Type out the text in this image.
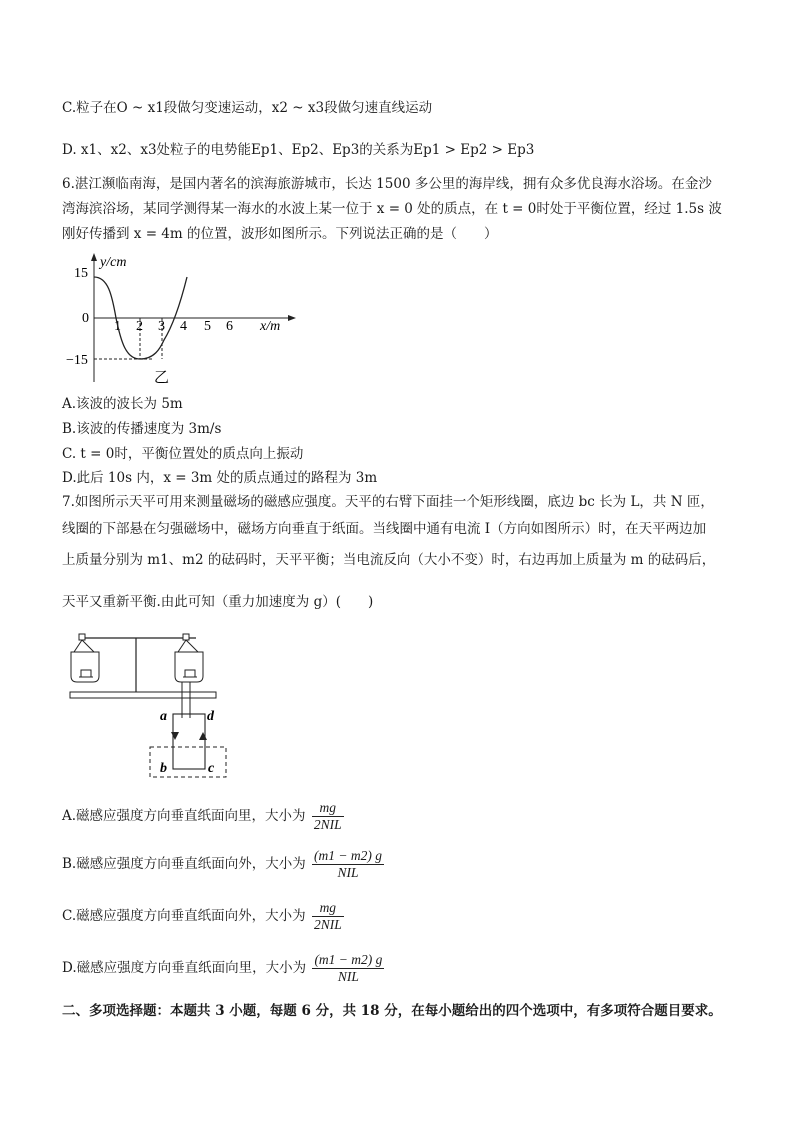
C.粒子在O ~ x1段做匀变速运动，x2 ~ x3段做匀速直线运动
D. x1、x2、x3处粒子的电势能Ep1、Ep2、Ep3的关系为Ep1 > Ep2 > Ep3
6.湛江濒临南海，是国内著名的滨海旅游城市，长达 1500 多公里的海岸线，拥有众多优良海水浴场。在金沙
湾海滨浴场，某同学测得某一海水的水波上某一位于 x = 0 处的质点，在 t = 0时处于平衡位置，经过 1.5s 波
刚好传播到 x = 4m 的位置，波形如图所示。下列说法正确的是（　　）
y/cm
x/m
15
0
−15
1 2 3 4 5 6
乙
A.该波的波长为 5m
B.该波的传播速度为 3m/s
C. t = 0时，平衡位置处的质点向上振动
D.此后 10s 内，x = 3m 处的质点通过的路程为 3m
7.如图所示天平可用来测量磁场的磁感应强度。天平的右臂下面挂一个矩形线圈，底边 bc 长为 L，共 N 匝，
线圈的下部悬在匀强磁场中，磁场方向垂直于纸面。当线圈中通有电流 I（方向如图所示）时，在天平两边加
上质量分别为 m1、m2 的砝码时，天平平衡；当电流反向（大小不变）时，右边再加上质量为 m 的砝码后，
天平又重新平衡.由此可知（重力加速度为 g）(　　)
a	d
b	c
A.磁感应强度方向垂直纸面向里，大小为 $\frac{mg}{\text{2NIL}}$
B.磁感应强度方向垂直纸面向外，大小为 $\frac{(m1 - m2) g}{\text{NIL}}$
C.磁感应强度方向垂直纸面向外，大小为 $\frac{mg}{\text{2NIL}}$
D.磁感应强度方向垂直纸面向里，大小为 $\frac{(m1 - m2) g}{\text{NIL}}$
二、多项选择题：本题共 3 小题，每题 6 分，共 18 分，在每小题给出的四个选项中，有多项符合题目要求。
